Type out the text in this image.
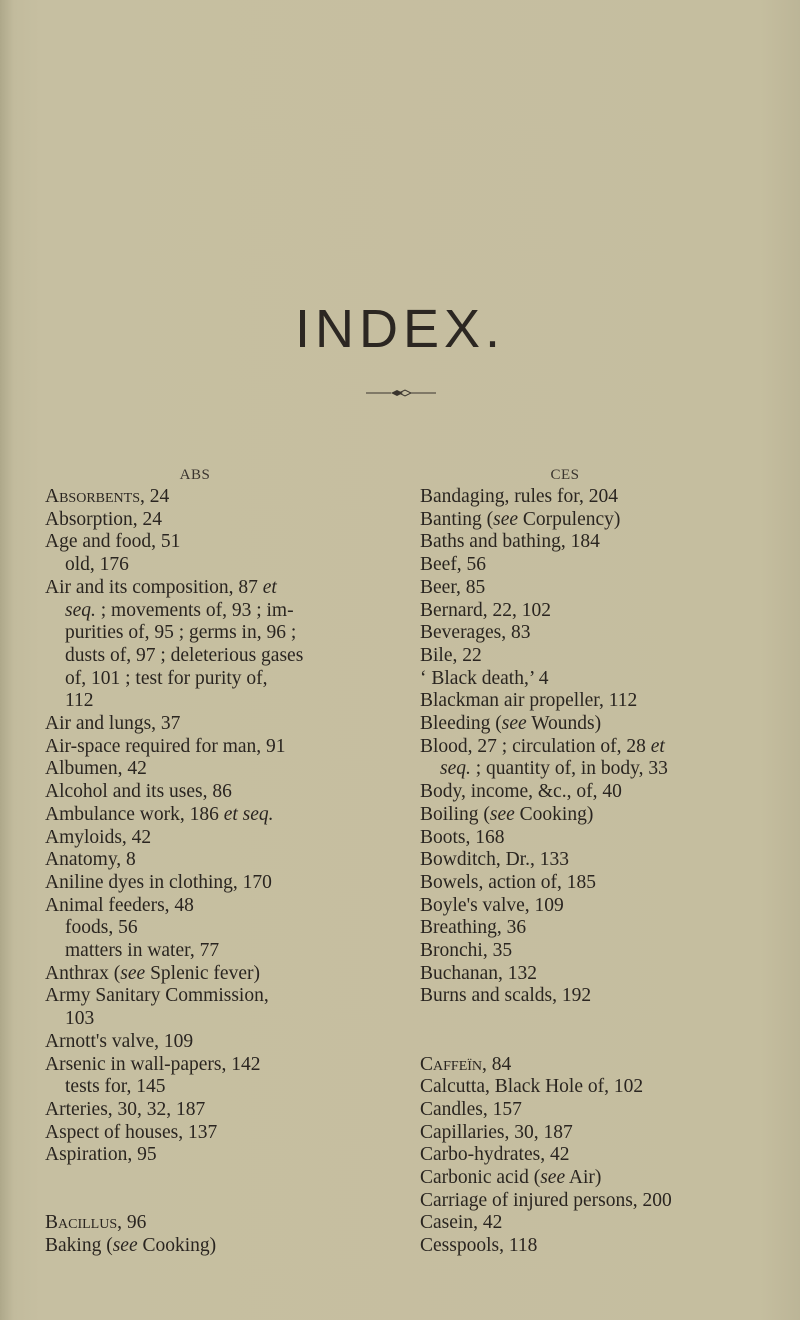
INDEX.
ABS
Absorbents, 24
Absorption, 24
Age and food, 51
old, 176
Air and its composition, 87 et
seq. ; movements of, 93 ; im-
purities of, 95 ; germs in, 96 ;
dusts of, 97 ; deleterious gases
of, 101 ; test for purity of,
112
Air and lungs, 37
Air-space required for man, 91
Albumen, 42
Alcohol and its uses, 86
Ambulance work, 186 et seq.
Amyloids, 42
Anatomy, 8
Aniline dyes in clothing, 170
Animal feeders, 48
foods, 56
matters in water, 77
Anthrax (see Splenic fever)
Army Sanitary Commission,
103
Arnott's valve, 109
Arsenic in wall-papers, 142
tests for, 145
Arteries, 30, 32, 187
Aspect of houses, 137
Aspiration, 95
Bacillus, 96
Baking (see Cooking)
CES
Bandaging, rules for, 204
Banting (see Corpulency)
Baths and bathing, 184
Beef, 56
Beer, 85
Bernard, 22, 102
Beverages, 83
Bile, 22
‘ Black death,’ 4
Blackman air propeller, 112
Bleeding (see Wounds)
Blood, 27 ; circulation of, 28 et
seq. ; quantity of, in body, 33
Body, income, &c., of, 40
Boiling (see Cooking)
Boots, 168
Bowditch, Dr., 133
Bowels, action of, 185
Boyle's valve, 109
Breathing, 36
Bronchi, 35
Buchanan, 132
Burns and scalds, 192
Caffeïn, 84
Calcutta, Black Hole of, 102
Candles, 157
Capillaries, 30, 187
Carbo-hydrates, 42
Carbonic acid (see Air)
Carriage of injured persons, 200
Casein, 42
Cesspools, 118
